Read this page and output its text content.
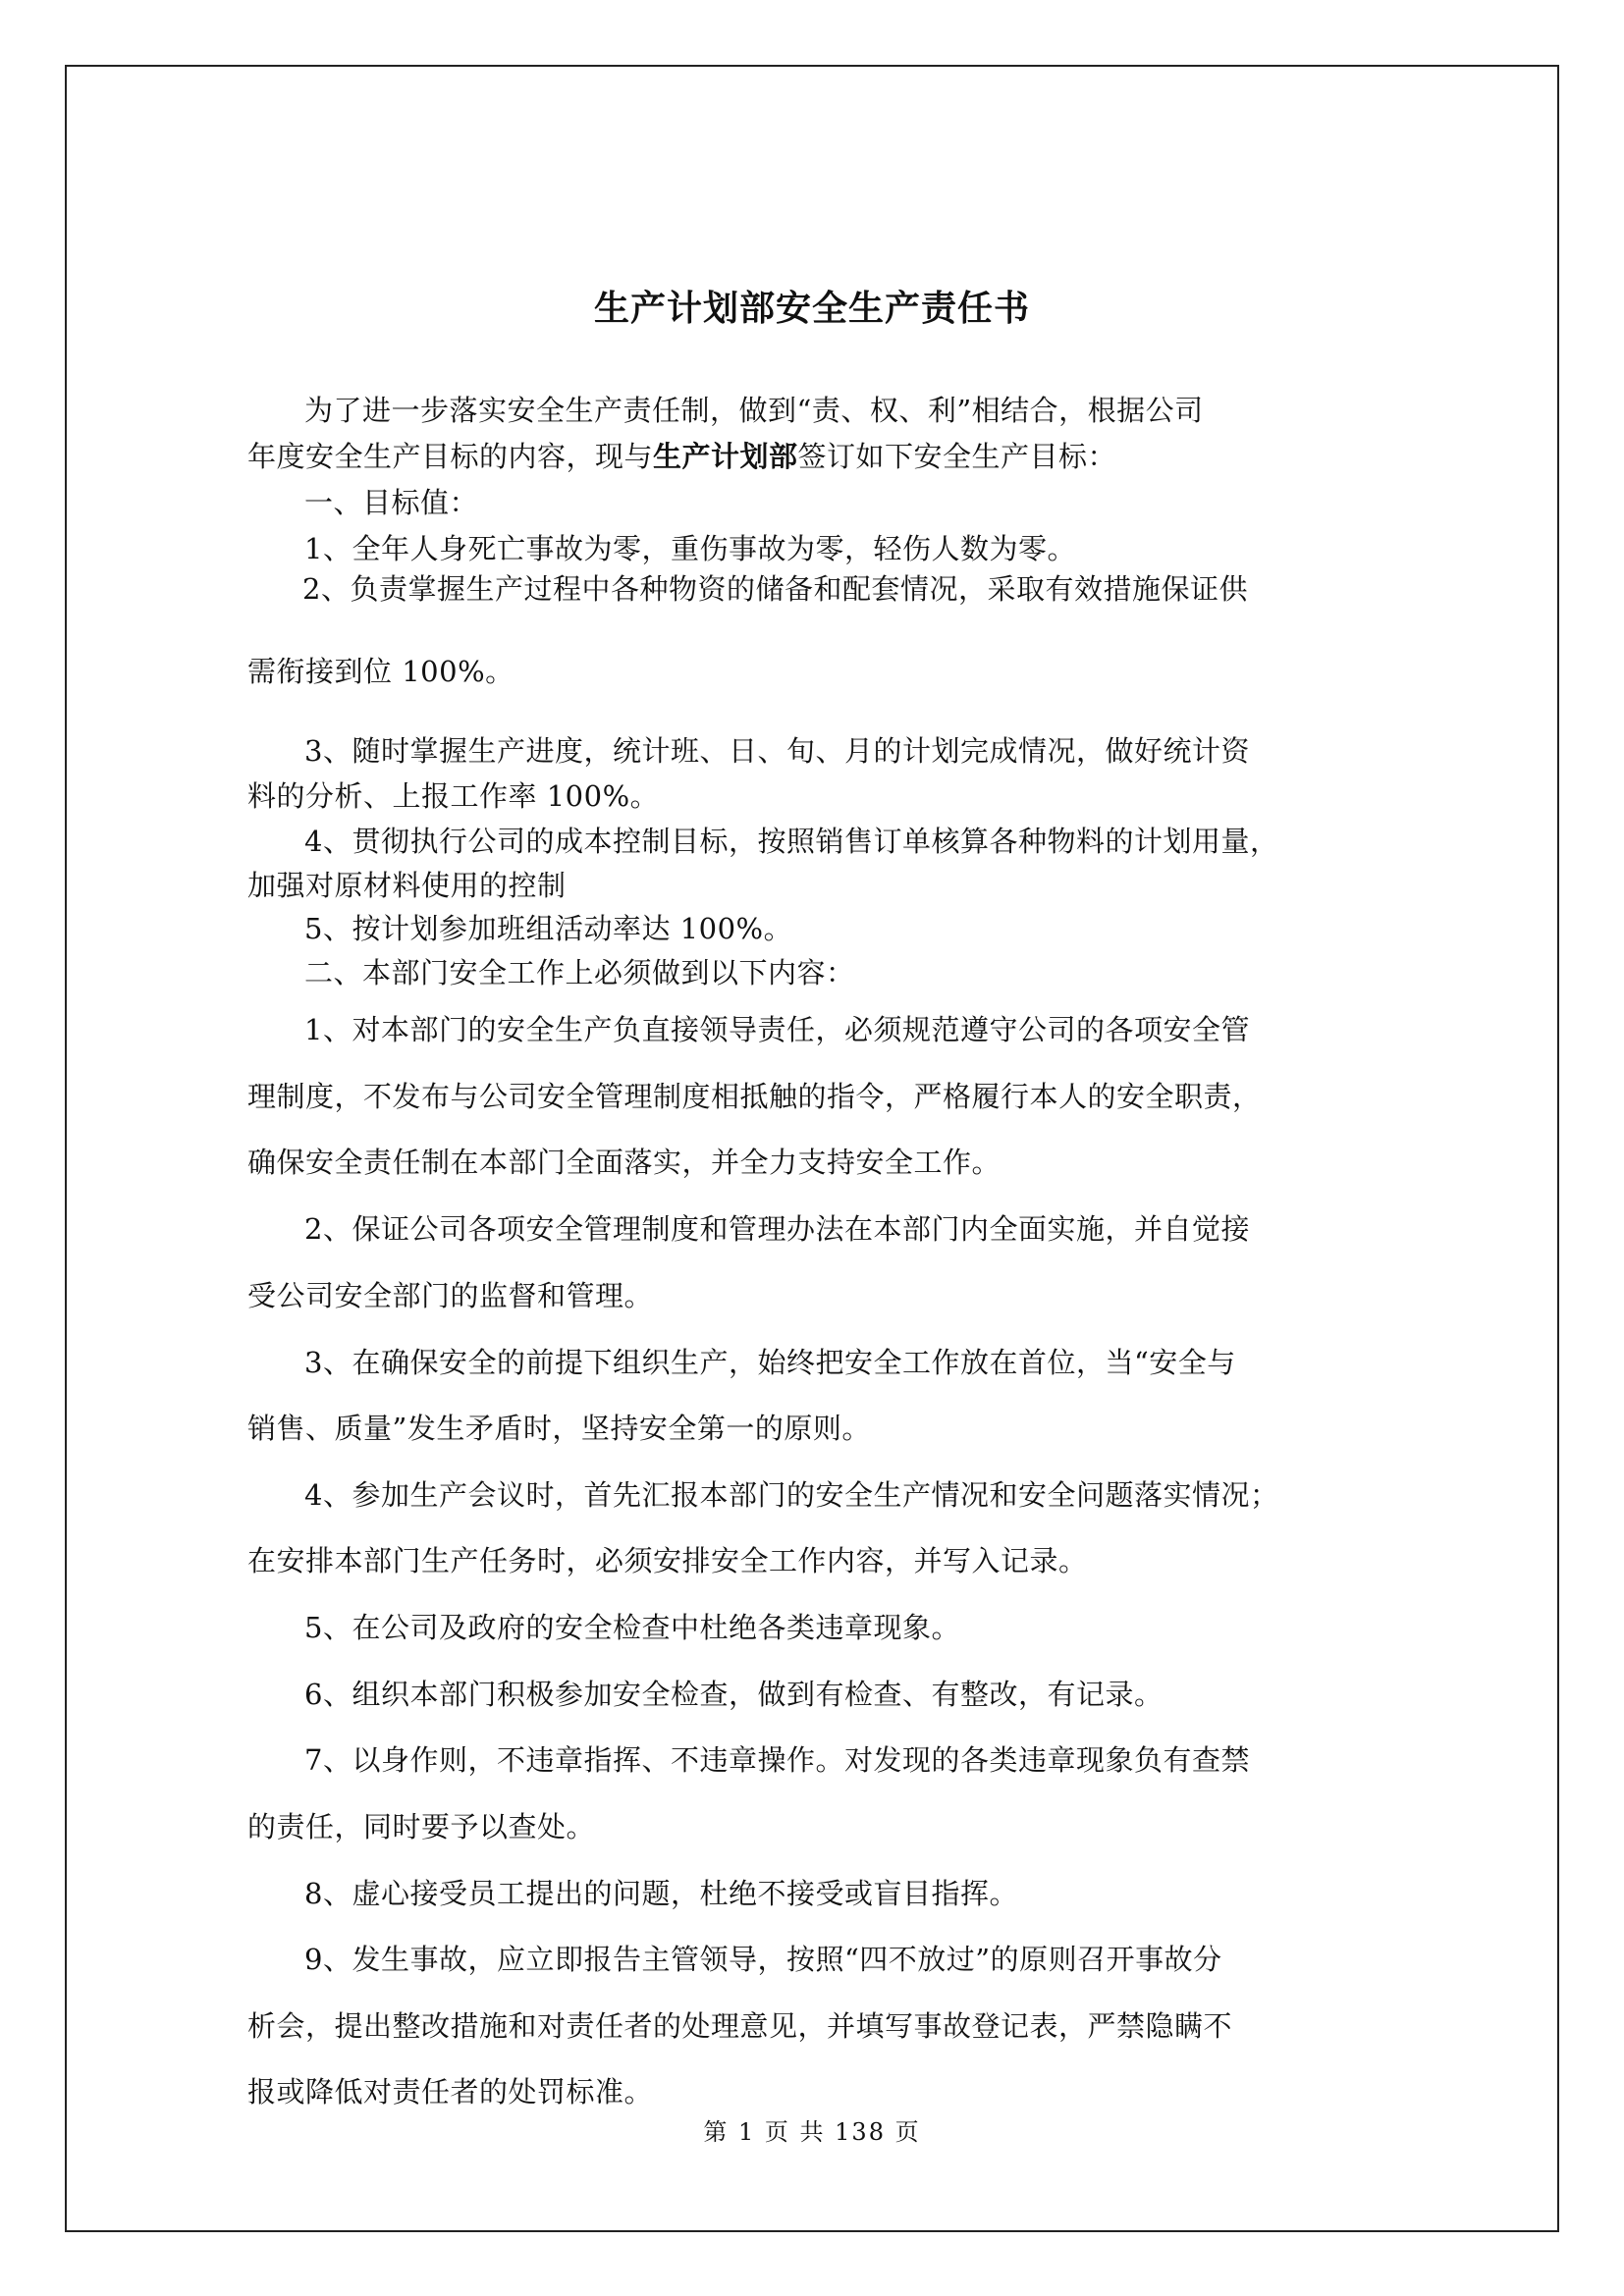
生产计划部安全生产责任书
为了进一步落实安全生产责任制，做到“责、权、利”相结合，根据公司
年度安全生产目标的内容，现与生产计划部签订如下安全生产目标：
一、目标值：
1、全年人身死亡事故为零，重伤事故为零，轻伤人数为零。
2、负责掌握生产过程中各种物资的储备和配套情况，采取有效措施保证供
需衔接到位 100%。
3、随时掌握生产进度，统计班、日、旬、月的计划完成情况，做好统计资
料的分析、上报工作率 100%。
4、贯彻执行公司的成本控制目标，按照销售订单核算各种物料的计划用量，
加强对原材料使用的控制
5、按计划参加班组活动率达 100%。
二、本部门安全工作上必须做到以下内容：
1、对本部门的安全生产负直接领导责任，必须规范遵守公司的各项安全管
理制度，不发布与公司安全管理制度相抵触的指令，严格履行本人的安全职责，
确保安全责任制在本部门全面落实，并全力支持安全工作。
2、保证公司各项安全管理制度和管理办法在本部门内全面实施，并自觉接
受公司安全部门的监督和管理。
3、在确保安全的前提下组织生产，始终把安全工作放在首位，当“安全与
销售、质量”发生矛盾时，坚持安全第一的原则。
4、参加生产会议时，首先汇报本部门的安全生产情况和安全问题落实情况；
在安排本部门生产任务时，必须安排安全工作内容，并写入记录。
5、在公司及政府的安全检查中杜绝各类违章现象。
6、组织本部门积极参加安全检查，做到有检查、有整改，有记录。
7、以身作则，不违章指挥、不违章操作。对发现的各类违章现象负有查禁
的责任，同时要予以查处。
8、虚心接受员工提出的问题，杜绝不接受或盲目指挥。
9、发生事故，应立即报告主管领导，按照“四不放过”的原则召开事故分
析会，提出整改措施和对责任者的处理意见，并填写事故登记表，严禁隐瞒不
报或降低对责任者的处罚标准。
第 1 页 共 138 页
